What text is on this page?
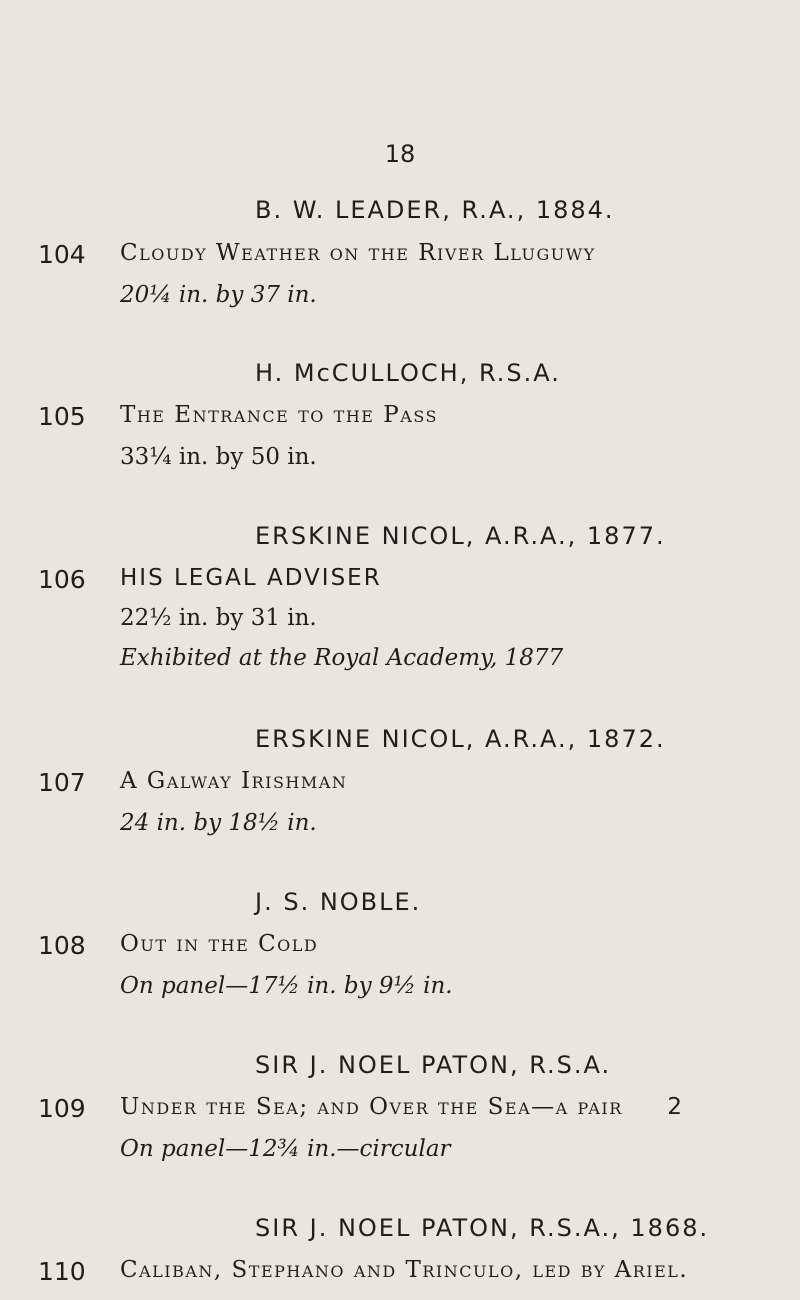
18
B. W. LEADER, R.A., 1884.
104 Cloudy Weather on the River Lluguwy
20¼ in. by 37 in.
H. McCULLOCH, R.S.A.
105 The Entrance to the Pass
33¼ in. by 50 in.
ERSKINE NICOL, A.R.A., 1877.
106 HIS LEGAL ADVISER
22½ in. by 31 in.
Exhibited at the Royal Academy, 1877
ERSKINE NICOL, A.R.A., 1872.
107 A Galway Irishman
24 in. by 18½ in.
J. S. NOBLE.
108 Out in the Cold
On panel—17½ in. by 9½ in.
SIR J. NOEL PATON, R.S.A.
109 Under the Sea; and Over the Sea—a pair 2
On panel—12¾ in.—circular
SIR J. NOEL PATON, R.S.A., 1868.
110 Caliban, Stephano and Trinculo, led by Ariel.
